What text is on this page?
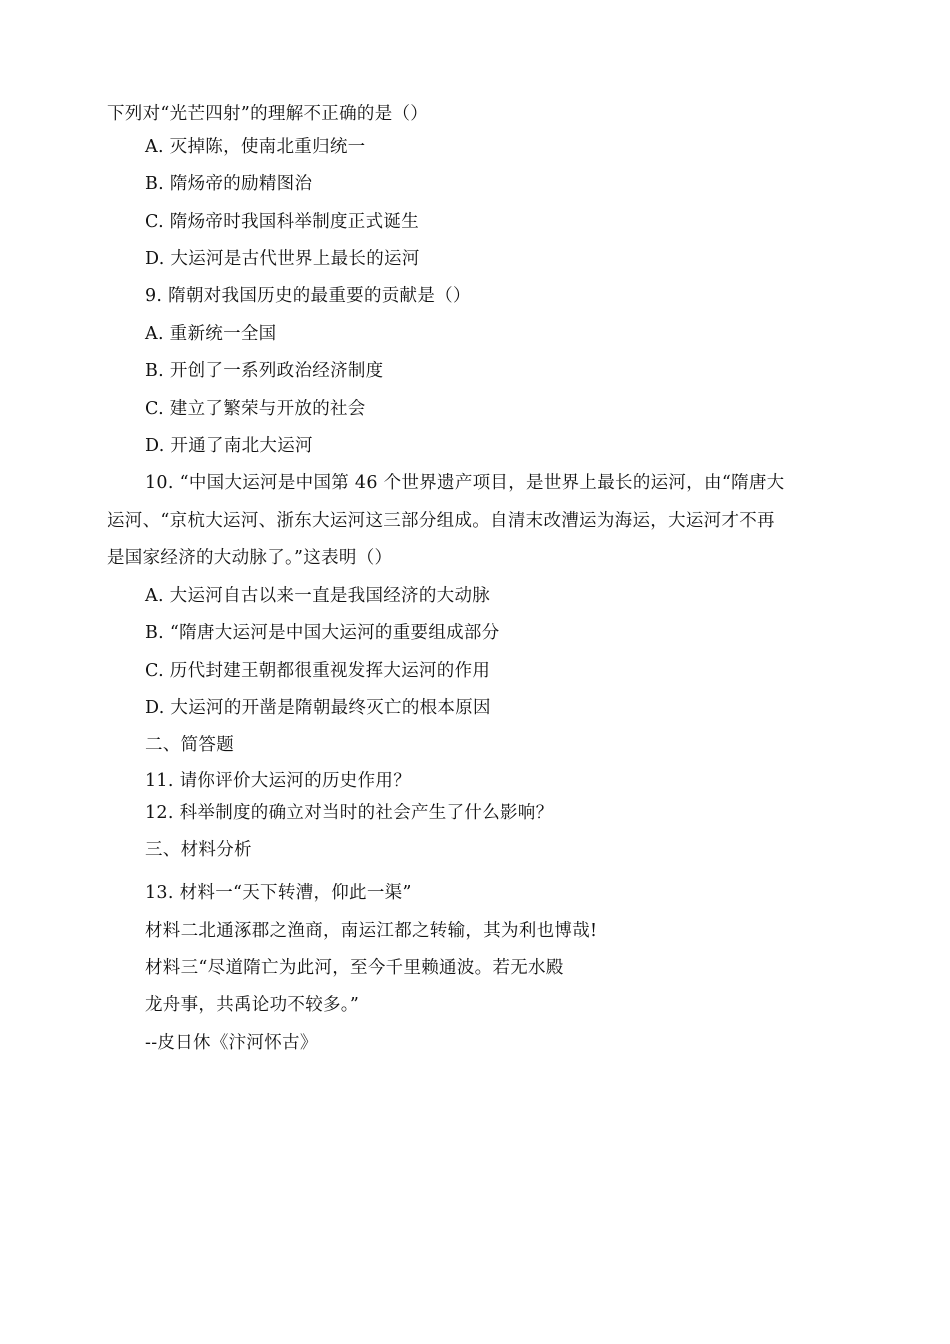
下列对“光芒四射”的理解不正确的是（）
A. 灭掉陈，使南北重归统一
B. 隋炀帝的励精图治
C. 隋炀帝时我国科举制度正式诞生
D. 大运河是古代世界上最长的运河
9. 隋朝对我国历史的最重要的贡献是（）
A. 重新统一全国
B. 开创了一系列政治经济制度
C. 建立了繁荣与开放的社会
D. 开通了南北大运河
10. “中国大运河是中国第 46 个世界遗产项目，是世界上最长的运河，由“隋唐大
运河、“京杭大运河、浙东大运河这三部分组成。自清末改漕运为海运，大运河才不再
是国家经济的大动脉了。”这表明（）
A. 大运河自古以来一直是我国经济的大动脉
B. “隋唐大运河是中国大运河的重要组成部分
C. 历代封建王朝都很重视发挥大运河的作用
D. 大运河的开凿是隋朝最终灭亡的根本原因
二、简答题
11. 请你评价大运河的历史作用？
12. 科举制度的确立对当时的社会产生了什么影响？
三、材料分析
13. 材料一“天下转漕，仰此一渠”
材料二北通涿郡之渔商，南运江都之转输，其为利也博哉!
材料三“尽道隋亡为此河，至今千里赖通波。若无水殿
龙舟事，共禹论功不较多。”
--皮日休《汴河怀古》
